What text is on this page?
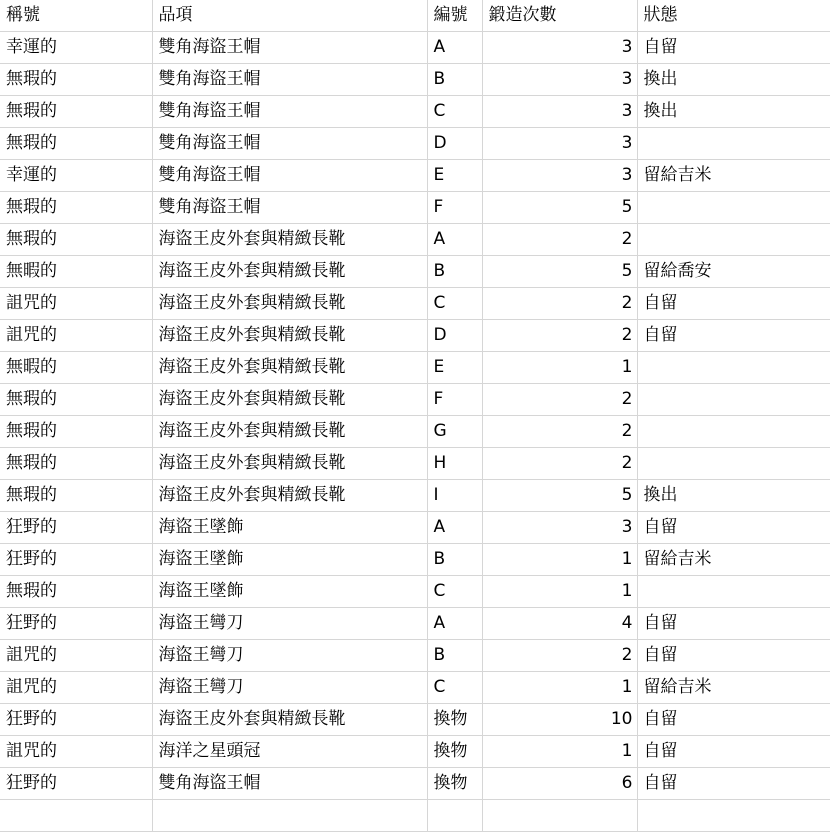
稱號	品項	編號	鍛造次數	狀態
幸運的	雙角海盜王帽	A	3	自留
無瑕的	雙角海盜王帽	B	3	換出
無瑕的	雙角海盜王帽	C	3	換出
無瑕的	雙角海盜王帽	D	3	
幸運的	雙角海盜王帽	E	3	留給吉米
無瑕的	雙角海盜王帽	F	5	
無瑕的	海盜王皮外套與精緻長靴	A	2	
無暇的	海盜王皮外套與精緻長靴	B	5	留給喬安
詛咒的	海盜王皮外套與精緻長靴	C	2	自留
詛咒的	海盜王皮外套與精緻長靴	D	2	自留
無暇的	海盜王皮外套與精緻長靴	E	1	
無瑕的	海盜王皮外套與精緻長靴	F	2	
無瑕的	海盜王皮外套與精緻長靴	G	2	
無瑕的	海盜王皮外套與精緻長靴	H	2	
無瑕的	海盜王皮外套與精緻長靴	I	5	換出
狂野的	海盜王墜飾	A	3	自留
狂野的	海盜王墜飾	B	1	留給吉米
無瑕的	海盜王墜飾	C	1	
狂野的	海盜王彎刀	A	4	自留
詛咒的	海盜王彎刀	B	2	自留
詛咒的	海盜王彎刀	C	1	留給吉米
狂野的	海盜王皮外套與精緻長靴	換物	10	自留
詛咒的	海洋之星頭冠	換物	1	自留
狂野的	雙角海盜王帽	換物	6	自留
